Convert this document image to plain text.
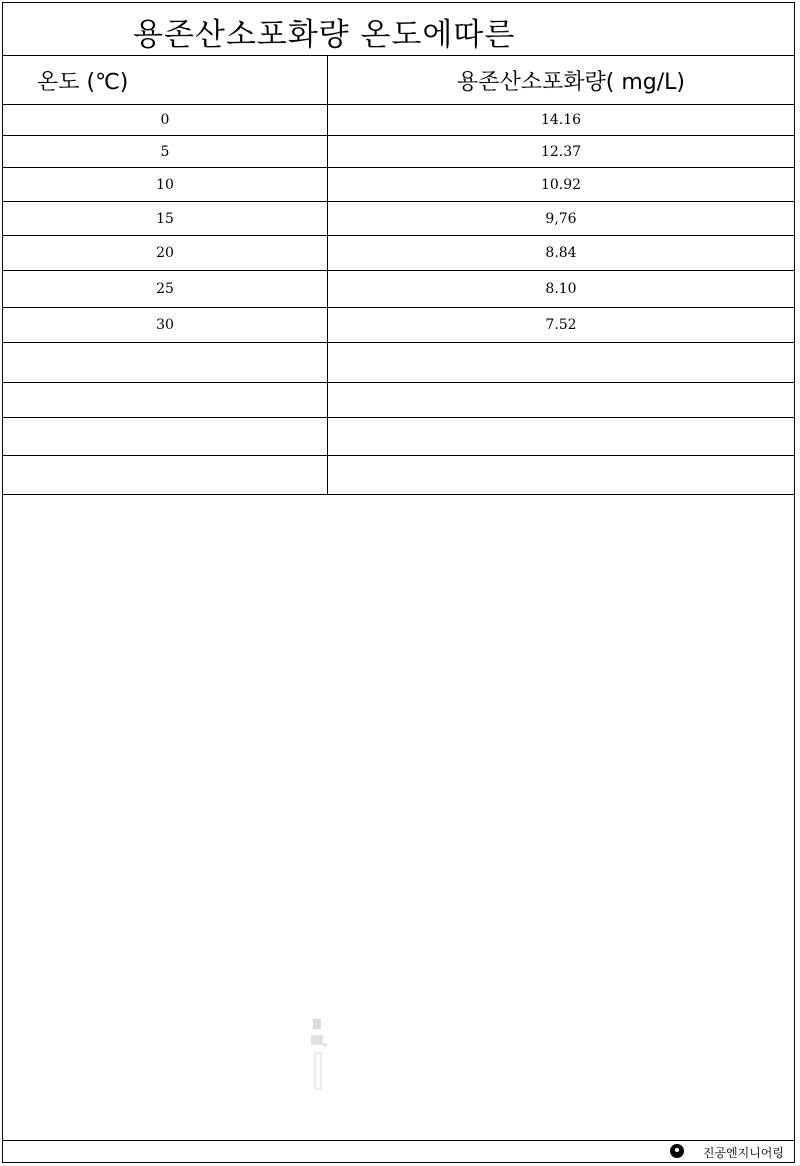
용존산소포화량 온도에따른
온도 (℃)	용존산소포화량( mg/L)
0	14.16
5	12.37
10	10.92
15	9,76
20	8.84
25	8.10
30	7.52

진공엔지니어링
